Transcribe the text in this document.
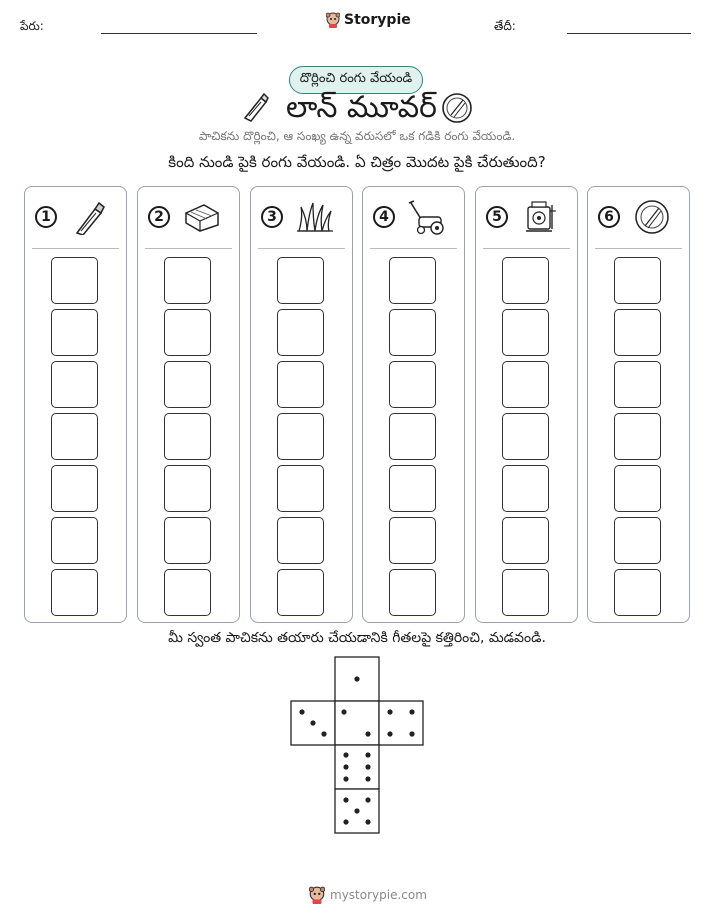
పేరు:	Storypie	తేదీ:
దొర్లించి రంగు వేయండి
లాన్ మూవర్
పాచికను దొర్లించి, ఆ సంఖ్య ఉన్న వరుసలో ఒక గడికి రంగు వేయండి.
కింది నుండి పైకి రంగు వేయండి. ఏ చిత్రం మొదట పైకి చేరుతుంది?
1	2	3	4	5	6
మీ స్వంత పాచికను తయారు చేయడానికి గీతలపై కత్తిరించి, మడవండి.
mystorypie.com
